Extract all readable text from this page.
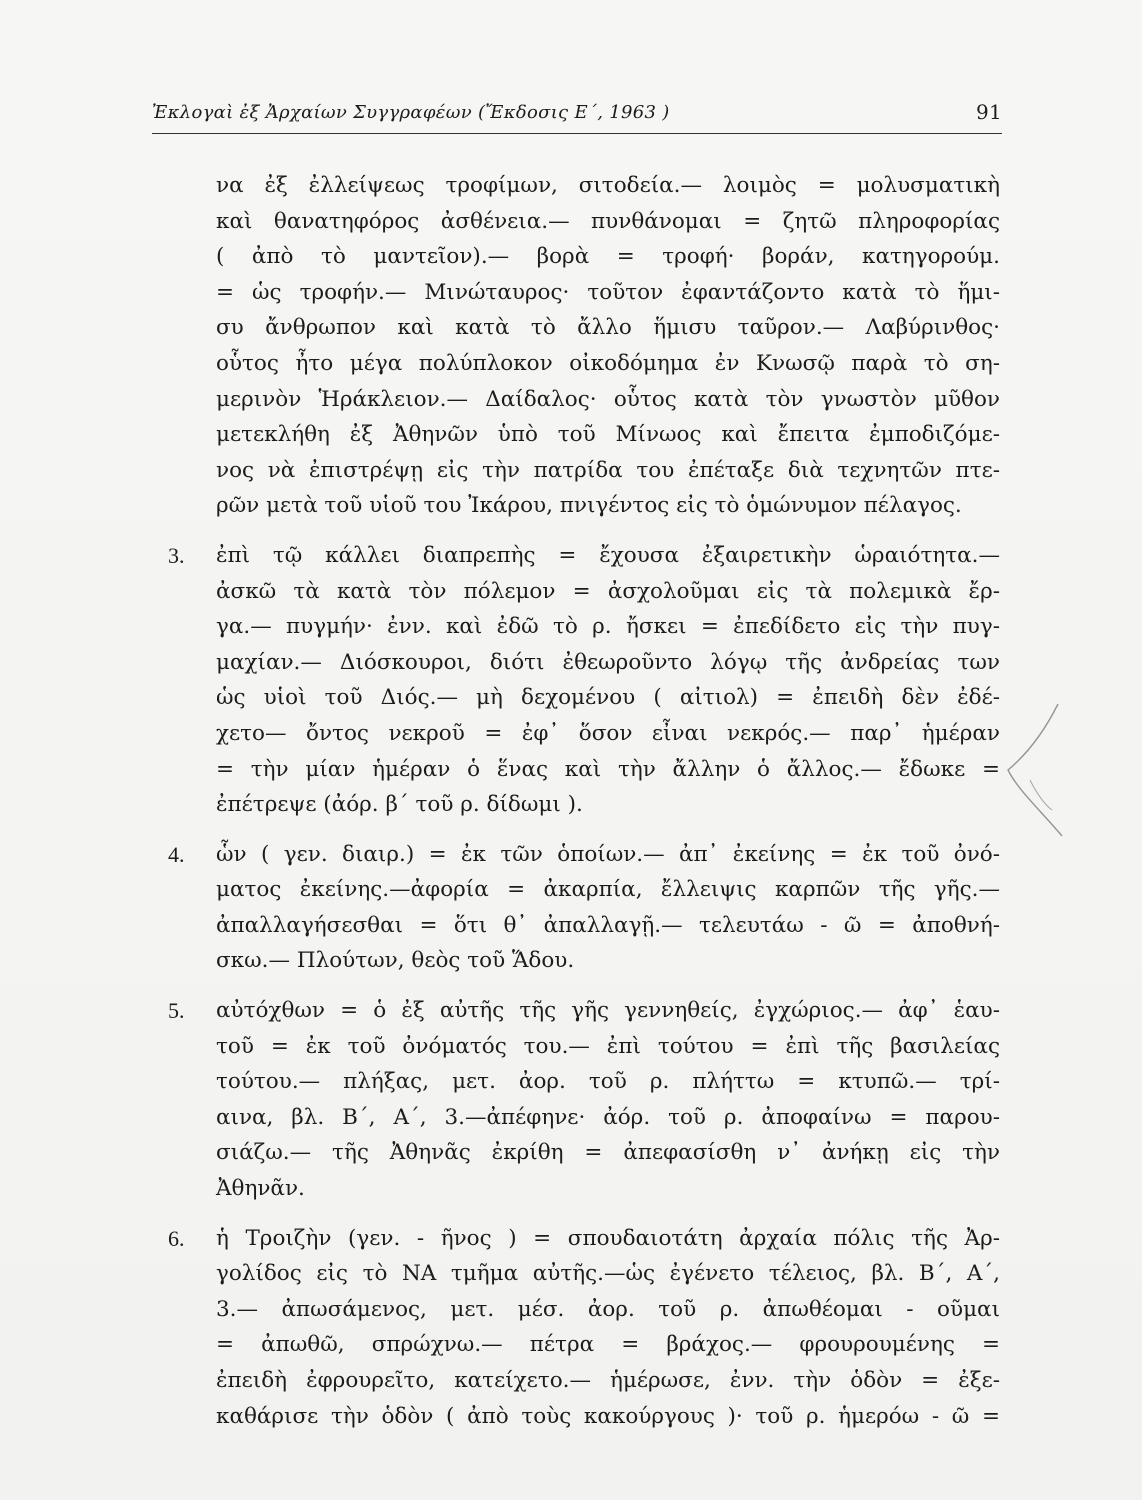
Ἐκλογαὶ ἐξ Ἀρχαίων Συγγραφέων (Ἔκδοσις Ε΄, 1963 )	91
να ἐξ ἐλλείψεως τροφίμων, σιτοδεία.— λοιμὸς = μολυσματικὴ
καὶ θανατηφόρος ἀσθένεια.— πυνθάνομαι = ζητῶ πληροφορίας
( ἀπὸ τὸ μαντεῖον).— βορὰ = τροφή· βοράν, κατηγορούμ.
= ὡς τροφήν.— Μινώταυρος· τοῦτον ἐφαντάζοντο κατὰ τὸ ἥμι-
συ ἄνθρωπον καὶ κατὰ τὸ ἄλλο ἥμισυ ταῦρον.— Λαβύρινθος·
οὗτος ἦτο μέγα πολύπλοκον οἰκοδόμημα ἐν Κνωσῷ παρὰ τὸ ση-
μερινὸν Ἡράκλειον.— Δαίδαλος· οὗτος κατὰ τὸν γνωστὸν μῦθον
μετεκλήθη ἐξ Ἀθηνῶν ὑπὸ τοῦ Μίνωος καὶ ἔπειτα ἐμποδιζόμε-
νος νὰ ἐπιστρέψῃ εἰς τὴν πατρίδα του ἐπέταξε διὰ τεχνητῶν πτε-
ρῶν μετὰ τοῦ υἱοῦ του Ἰκάρου, πνιγέντος εἰς τὸ ὁμώνυμον πέλαγος.
3. ἐπὶ τῷ κάλλει διαπρεπὴς = ἔχουσα ἐξαιρετικὴν ὡραιότητα.—
ἀσκῶ τὰ κατὰ τὸν πόλεμον = ἀσχολοῦμαι εἰς τὰ πολεμικὰ ἔρ-
γα.— πυγμήν· ἐνν. καὶ ἐδῶ τὸ ρ. ἤσκει = ἐπεδίδετο εἰς τὴν πυγ-
μαχίαν.— Διόσκουροι, διότι ἐθεωροῦντο λόγῳ τῆς ἀνδρείας των
ὡς υἱοὶ τοῦ Διός.— μὴ δεχομένου ( αἰτιολ) = ἐπειδὴ δὲν ἐδέ-
χετο— ὄντος νεκροῦ = ἐφ᾽ ὅσον εἶναι νεκρός.— παρ᾽ ἡμέραν
= τὴν μίαν ἡμέραν ὁ ἕνας καὶ τὴν ἄλλην ὁ ἄλλος.— ἔδωκε =
ἐπέτρεψε (ἀόρ. β΄ τοῦ ρ. δίδωμι ).
4. ὧν ( γεν. διαιρ.) = ἐκ τῶν ὁποίων.— ἀπ᾽ ἐκείνης = ἐκ τοῦ ὀνό-
ματος ἐκείνης.—ἀφορία = ἀκαρπία, ἔλλειψις καρπῶν τῆς γῆς.—
ἀπαλλαγήσεσθαι = ὅτι θ᾽ ἀπαλλαγῇ.— τελευτάω - ῶ = ἀποθνή-
σκω.— Πλούτων, θεὸς τοῦ Ἅδου.
5. αὐτόχθων = ὁ ἐξ αὐτῆς τῆς γῆς γεννηθείς, ἐγχώριος.— ἀφ᾽ ἑαυ-
τοῦ = ἐκ τοῦ ὀνόματός του.— ἐπὶ τούτου = ἐπὶ τῆς βασιλείας
τούτου.— πλήξας, μετ. ἀορ. τοῦ ρ. πλήττω = κτυπῶ.— τρί-
αινα, βλ. Β΄, Α΄, 3.—ἀπέφηνε· ἀόρ. τοῦ ρ. ἀποφαίνω = παρου-
σιάζω.— τῆς Ἀθηνᾶς ἐκρίθη = ἀπεφασίσθη ν᾽ ἀνήκῃ εἰς τὴν
Ἀθηνᾶν.
6. ἡ Τροιζὴν (γεν. - ῆνος ) = σπουδαιοτάτη ἀρχαία πόλις τῆς Ἀρ-
γολίδος εἰς τὸ ΝΑ τμῆμα αὐτῆς.—ὡς ἐγένετο τέλειος, βλ. Β΄, Α΄,
3.— ἀπωσάμενος, μετ. μέσ. ἀορ. τοῦ ρ. ἀπωθέομαι - οῦμαι
= ἀπωθῶ, σπρώχνω.— πέτρα = βράχος.— φρουρουμένης =
ἐπειδὴ ἐφρουρεῖτο, κατείχετο.— ἡμέρωσε, ἐνν. τὴν ὁδὸν = ἐξε-
καθάρισε τὴν ὁδὸν ( ἀπὸ τοὺς κακούργους )· τοῦ ρ. ἡμερόω - ῶ =
